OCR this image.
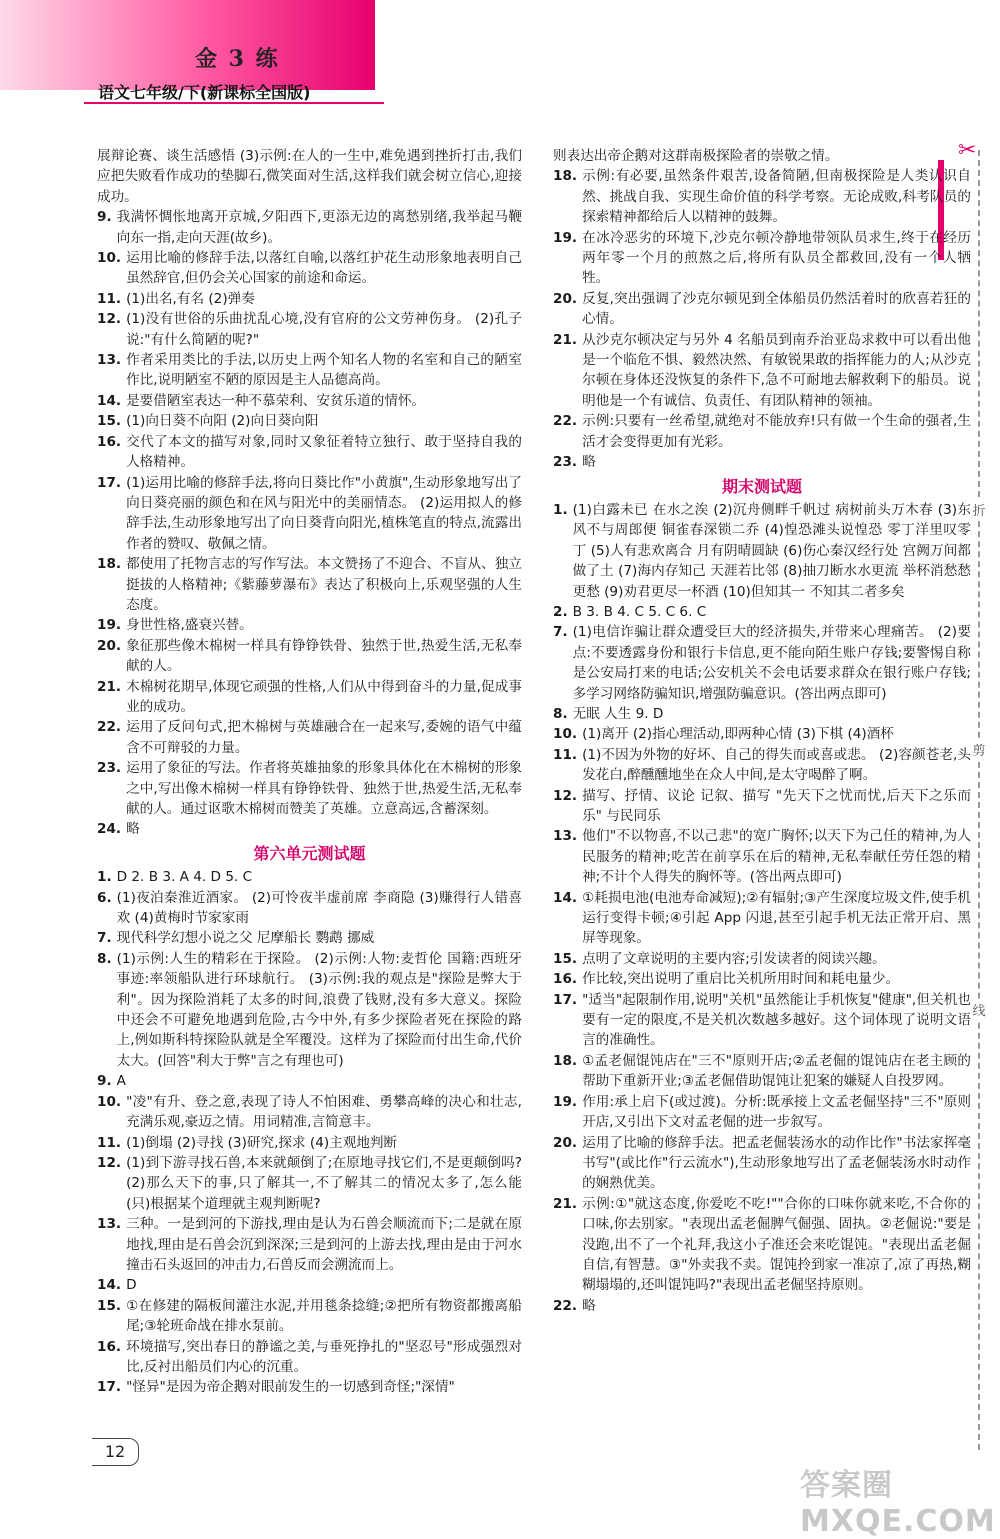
金 3 练
语文七年级/下(新课标全国版)
✂
折
剪
线
展辩论赛、谈生活感悟 (3)示例:在人的一生中,难免遇到挫折打击,我们应把失败看作成功的垫脚石,微笑面对生活,这样我们就会树立信心,迎接成功。
9. 我满怀惆怅地离开京城,夕阳西下,更添无边的离愁别绪,我举起马鞭向东一指,走向天涯(故乡)。
10. 运用比喻的修辞手法,以落红自喻,以落红护花生动形象地表明自己虽然辞官,但仍会关心国家的前途和命运。
11. (1)出名,有名 (2)弹奏
12. (1)没有世俗的乐曲扰乱心境,没有官府的公文劳神伤身。 (2)孔子说:"有什么简陋的呢?"
13. 作者采用类比的手法,以历史上两个知名人物的名室和自己的陋室作比,说明陋室不陋的原因是主人品德高尚。
14. 是要借陋室表达一种不慕荣利、安贫乐道的情怀。
15. (1)向日葵不向阳 (2)向日葵向阳
16. 交代了本文的描写对象,同时又象征着特立独行、敢于坚持自我的人格精神。
17. (1)运用比喻的修辞手法,将向日葵比作"小黄旗",生动形象地写出了向日葵亮丽的颜色和在风与阳光中的美丽情态。 (2)运用拟人的修辞手法,生动形象地写出了向日葵背向阳光,植株笔直的特点,流露出作者的赞叹、敬佩之情。
18. 都使用了托物言志的写作写法。本文赞扬了不迎合、不盲从、独立挺拔的人格精神;《紫藤萝瀑布》表达了积极向上,乐观坚强的人生态度。
19. 身世性格,盛衰兴替。
20. 象征那些像木棉树一样具有铮铮铁骨、独然于世,热爱生活,无私奉献的人。
21. 木棉树花期早,体现它顽强的性格,人们从中得到奋斗的力量,促成事业的成功。
22. 运用了反问句式,把木棉树与英雄融合在一起来写,委婉的语气中蕴含不可辩驳的力量。
23. 运用了象征的写法。作者将英雄抽象的形象具体化在木棉树的形象之中,写出像木棉树一样具有铮铮铁骨、独然于世,热爱生活,无私奉献的人。通过讴歌木棉树而赞美了英雄。立意高远,含蓄深刻。
24. 略
第六单元测试题
1. D 2. B 3. A 4. D 5. C
6. (1)夜泊秦淮近酒家。 (2)可怜夜半虚前席 李商隐 (3)赚得行人错喜欢 (4)黄梅时节家家雨
7. 现代科学幻想小说之父 尼摩船长 鹦鹉 挪威
8. (1)示例:人生的精彩在于探险。 (2)示例:人物:麦哲伦 国籍:西班牙 事迹:率领船队进行环球航行。 (3)示例:我的观点是"探险是弊大于利"。因为探险消耗了太多的时间,浪费了钱财,没有多大意义。探险中还会不可避免地遇到危险,古今中外,有多少探险者死在探险的路上,例如斯科特探险队就是全军覆没。这样为了探险而付出生命,代价太大。(回答"利大于弊"言之有理也可)
9. A
10. "凌"有升、登之意,表现了诗人不怕困难、勇攀高峰的决心和壮志,充满乐观,豪迈之情。用词精准,言简意丰。
11. (1)倒塌 (2)寻找 (3)研究,探求 (4)主观地判断
12. (1)到下游寻找石兽,本来就颠倒了;在原地寻找它们,不是更颠倒吗? (2)那么天下的事,只了解其一,不了解其二的情况太多了,怎么能(只)根据某个道理就主观判断呢?
13. 三种。一是到河的下游找,理由是认为石兽会顺流而下;二是就在原地找,理由是石兽会沉到深深;三是到河的上游去找,理由是由于河水撞击石头返回的冲击力,石兽反而会溯流而上。
14. D
15. ①在修建的隔板间灌注水泥,并用毯条捻缝;②把所有物资都搬离船尾;③轮班命战在排水泵前。
16. 环境描写,突出春日的静谧之美,与垂死挣扎的"坚忍号"形成强烈对比,反衬出船员们内心的沉重。
17. "怪异"是因为帝企鹅对眼前发生的一切感到奇怪;"深情"
则表达出帝企鹅对这群南极探险者的崇敬之情。
18. 示例:有必要,虽然条件艰苦,设备简陋,但南极探险是人类认识自然、挑战自我、实现生命价值的科学考察。无论成败,科考队员的探索精神都给后人以精神的鼓舞。
19. 在冰冷恶劣的环境下,沙克尔顿冷静地带领队员求生,终于在经历两年零一个月的煎熬之后,将所有队员全都救回,没有一个人牺牲。
20. 反复,突出强调了沙克尔顿见到全体船员仍然活着时的欣喜若狂的心情。
21. 从沙克尔顿决定与另外 4 名船员到南乔治亚岛求救中可以看出他是一个临危不惧、毅然决然、有敏锐果敢的指挥能力的人;从沙克尔顿在身体还没恢复的条件下,急不可耐地去解救剩下的船员。说明他是一个有诚信、负责任、有团队精神的领袖。
22. 示例:只要有一丝希望,就绝对不能放弃!只有做一个生命的强者,生活才会变得更加有光彩。
23. 略
期末测试题
1. (1)白露未已 在水之涘 (2)沉舟侧畔千帆过 病树前头万木春 (3)东风不与周郎便 铜雀春深锁二乔 (4)惶恐滩头说惶恐 零丁洋里叹零丁 (5)人有悲欢离合 月有阴晴圆缺 (6)伤心秦汉经行处 宫阙万间都做了土 (7)海内存知己 天涯若比邻 (8)抽刀断水水更流 举杯消愁愁更愁 (9)劝君更尽一杯酒 (10)但知其一 不知其二者多矣
2. B 3. B 4. C 5. C 6. C
7. (1)电信诈骗让群众遭受巨大的经济损失,并带来心理痛苦。 (2)要点:不要透露身份和银行卡信息,更不能向陌生账户存钱;要警惕自称是公安局打来的电话;公安机关不会电话要求群众在银行账户存钱;多学习网络防骗知识,增强防骗意识。(答出两点即可)
8. 无眠 人生 9. D
10. (1)离开 (2)指心理活动,即两种心情 (3)下棋 (4)酒杯
11. (1)不因为外物的好坏、自己的得失而或喜或悲。 (2)容颜苍老,头发花白,醉醺醺地坐在众人中间,是太守喝醉了啊。
12. 描写、抒情、议论 记叙、描写 "先天下之忧而忧,后天下之乐而乐" 与民同乐
13. 他们"不以物喜,不以己悲"的宽广胸怀;以天下为己任的精神,为人民服务的精神;吃苦在前享乐在后的精神,无私奉献任劳任怨的精神;不计个人得失的胸怀等。(答出两点即可)
14. ①耗损电池(电池寿命减短);②有辐射;③产生深度垃圾文件,使手机运行变得卡顿;④引起 App 闪退,甚至引起手机无法正常开启、黑屏等现象。
15. 点明了文章说明的主要内容;引发读者的阅读兴趣。
16. 作比较,突出说明了重启比关机所用时间和耗电量少。
17. "适当"起限制作用,说明"关机"虽然能让手机恢复"健康",但关机也要有一定的限度,不是关机次数越多越好。这个词体现了说明文语言的准确性。
18. ①孟老倔馄饨店在"三不"原则开店;②孟老倔的馄饨店在老主顾的帮助下重新开业;③孟老倔借助馄饨让犯案的嫌疑人自投罗网。
19. 作用:承上启下(或过渡)。分析:既承接上文孟老倔坚持"三不"原则开店,又引出下文对孟老倔的进一步叙写。
20. 运用了比喻的修辞手法。把孟老倔装汤水的动作比作"书法家挥毫书写"(或比作"行云流水"),生动形象地写出了孟老倔装汤水时动作的娴熟优美。
21. 示例:①"就这态度,你爱吃不吃!""合你的口味你就来吃,不合你的口味,你去别家。"表现出孟老倔脾气倔强、固执。②老倔说:"要是没跑,出不了一个礼拜,我这小子准还会来吃馄饨。"表现出孟老倔自信,有智慧。③"外卖我不卖。馄饨拎到家一准凉了,凉了再热,糊糊塌塌的,还叫馄饨吗?"表现出孟老倔坚持原则。
22. 略
12
答案圈 MXQE.COM
